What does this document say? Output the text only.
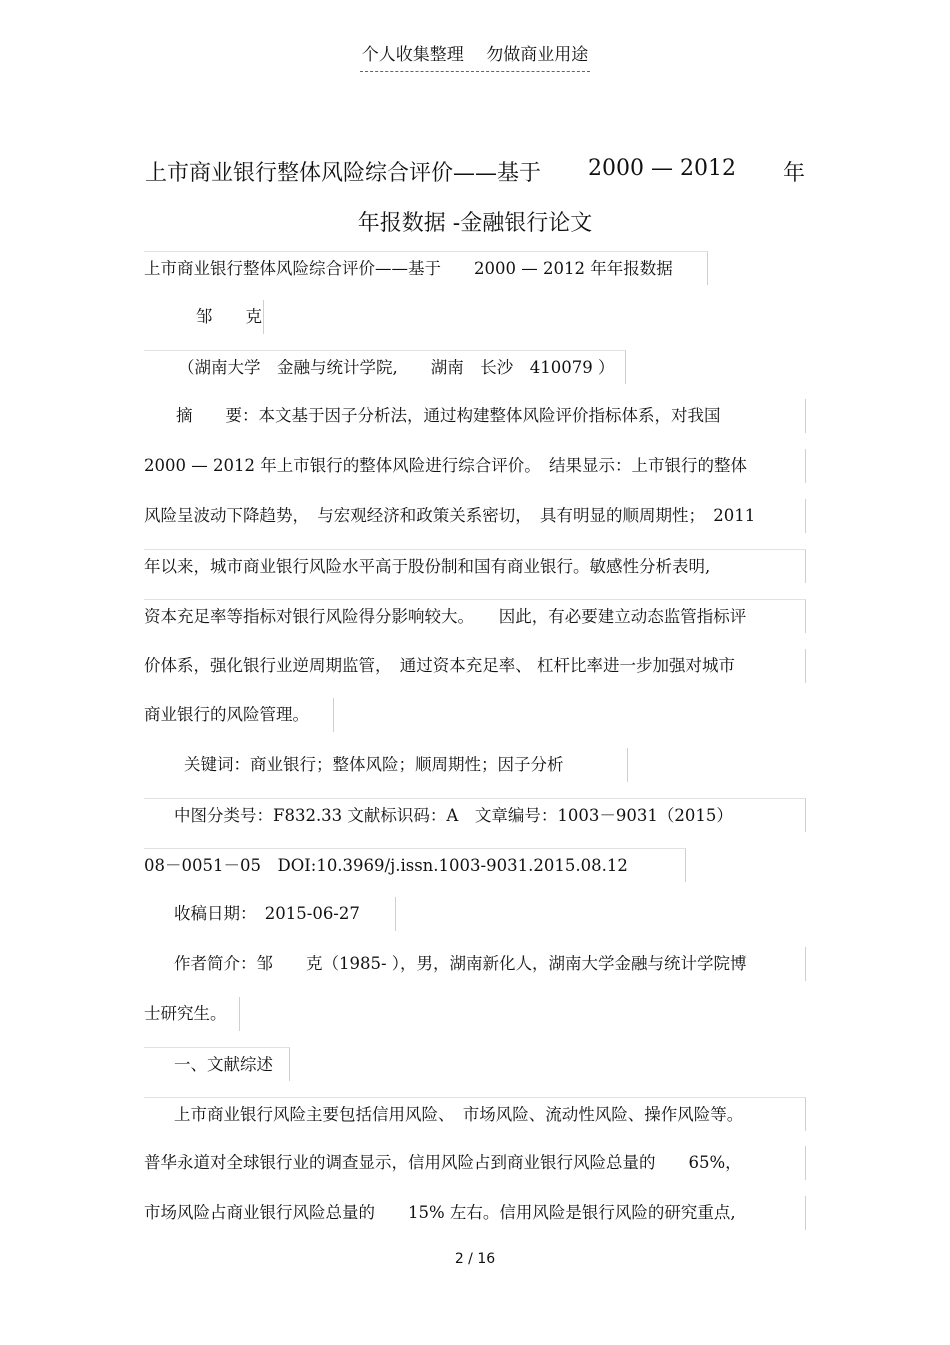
个人收集整理 　勿做商业用途
上市商业银行整体风险综合评价——基于 2000 — 2012 年
年报数据 -金融银行论文
上市商业银行整体风险综合评价——基于　　2000 — 2012 年年报数据
邹　　克
（湖南大学　金融与统计学院,　　湖南　长沙　410079 ）
摘　　要：本文基于因子分析法，通过构建整体风险评价指标体系，对我国
2000 — 2012 年上市银行的整体风险进行综合评价。　结果显示：上市银行的整体
风险呈波动下降趋势，　与宏观经济和政策关系密切，　具有明显的顺周期性；　2011
年以来，城市商业银行风险水平高于股份制和国有商业银行。敏感性分析表明,
资本充足率等指标对银行风险得分影响较大。　　因此，有必要建立动态监管指标评
价体系，强化银行业逆周期监管，　通过资本充足率、 杠杆比率进一步加强对城市
商业银行的风险管理。
关键词：商业银行；整体风险；顺周期性；因子分析
中图分类号：F832.33 文献标识码：A　文章编号：1003－9031（2015）
08－0051－05　DOI:10.3969/j.issn.1003-9031.2015.08.12
收稿日期：　2015-06-27
作者简介：邹　　克（1985- ），男，湖南新化人，湖南大学金融与统计学院博
士研究生。
一、文献综述
上市商业银行风险主要包括信用风险、　市场风险、流动性风险、操作风险等。
普华永道对全球银行业的调查显示，信用风险占到商业银行风险总量的　　65%，
市场风险占商业银行风险总量的　　15% 左右。信用风险是银行风险的研究重点,
2 / 16
